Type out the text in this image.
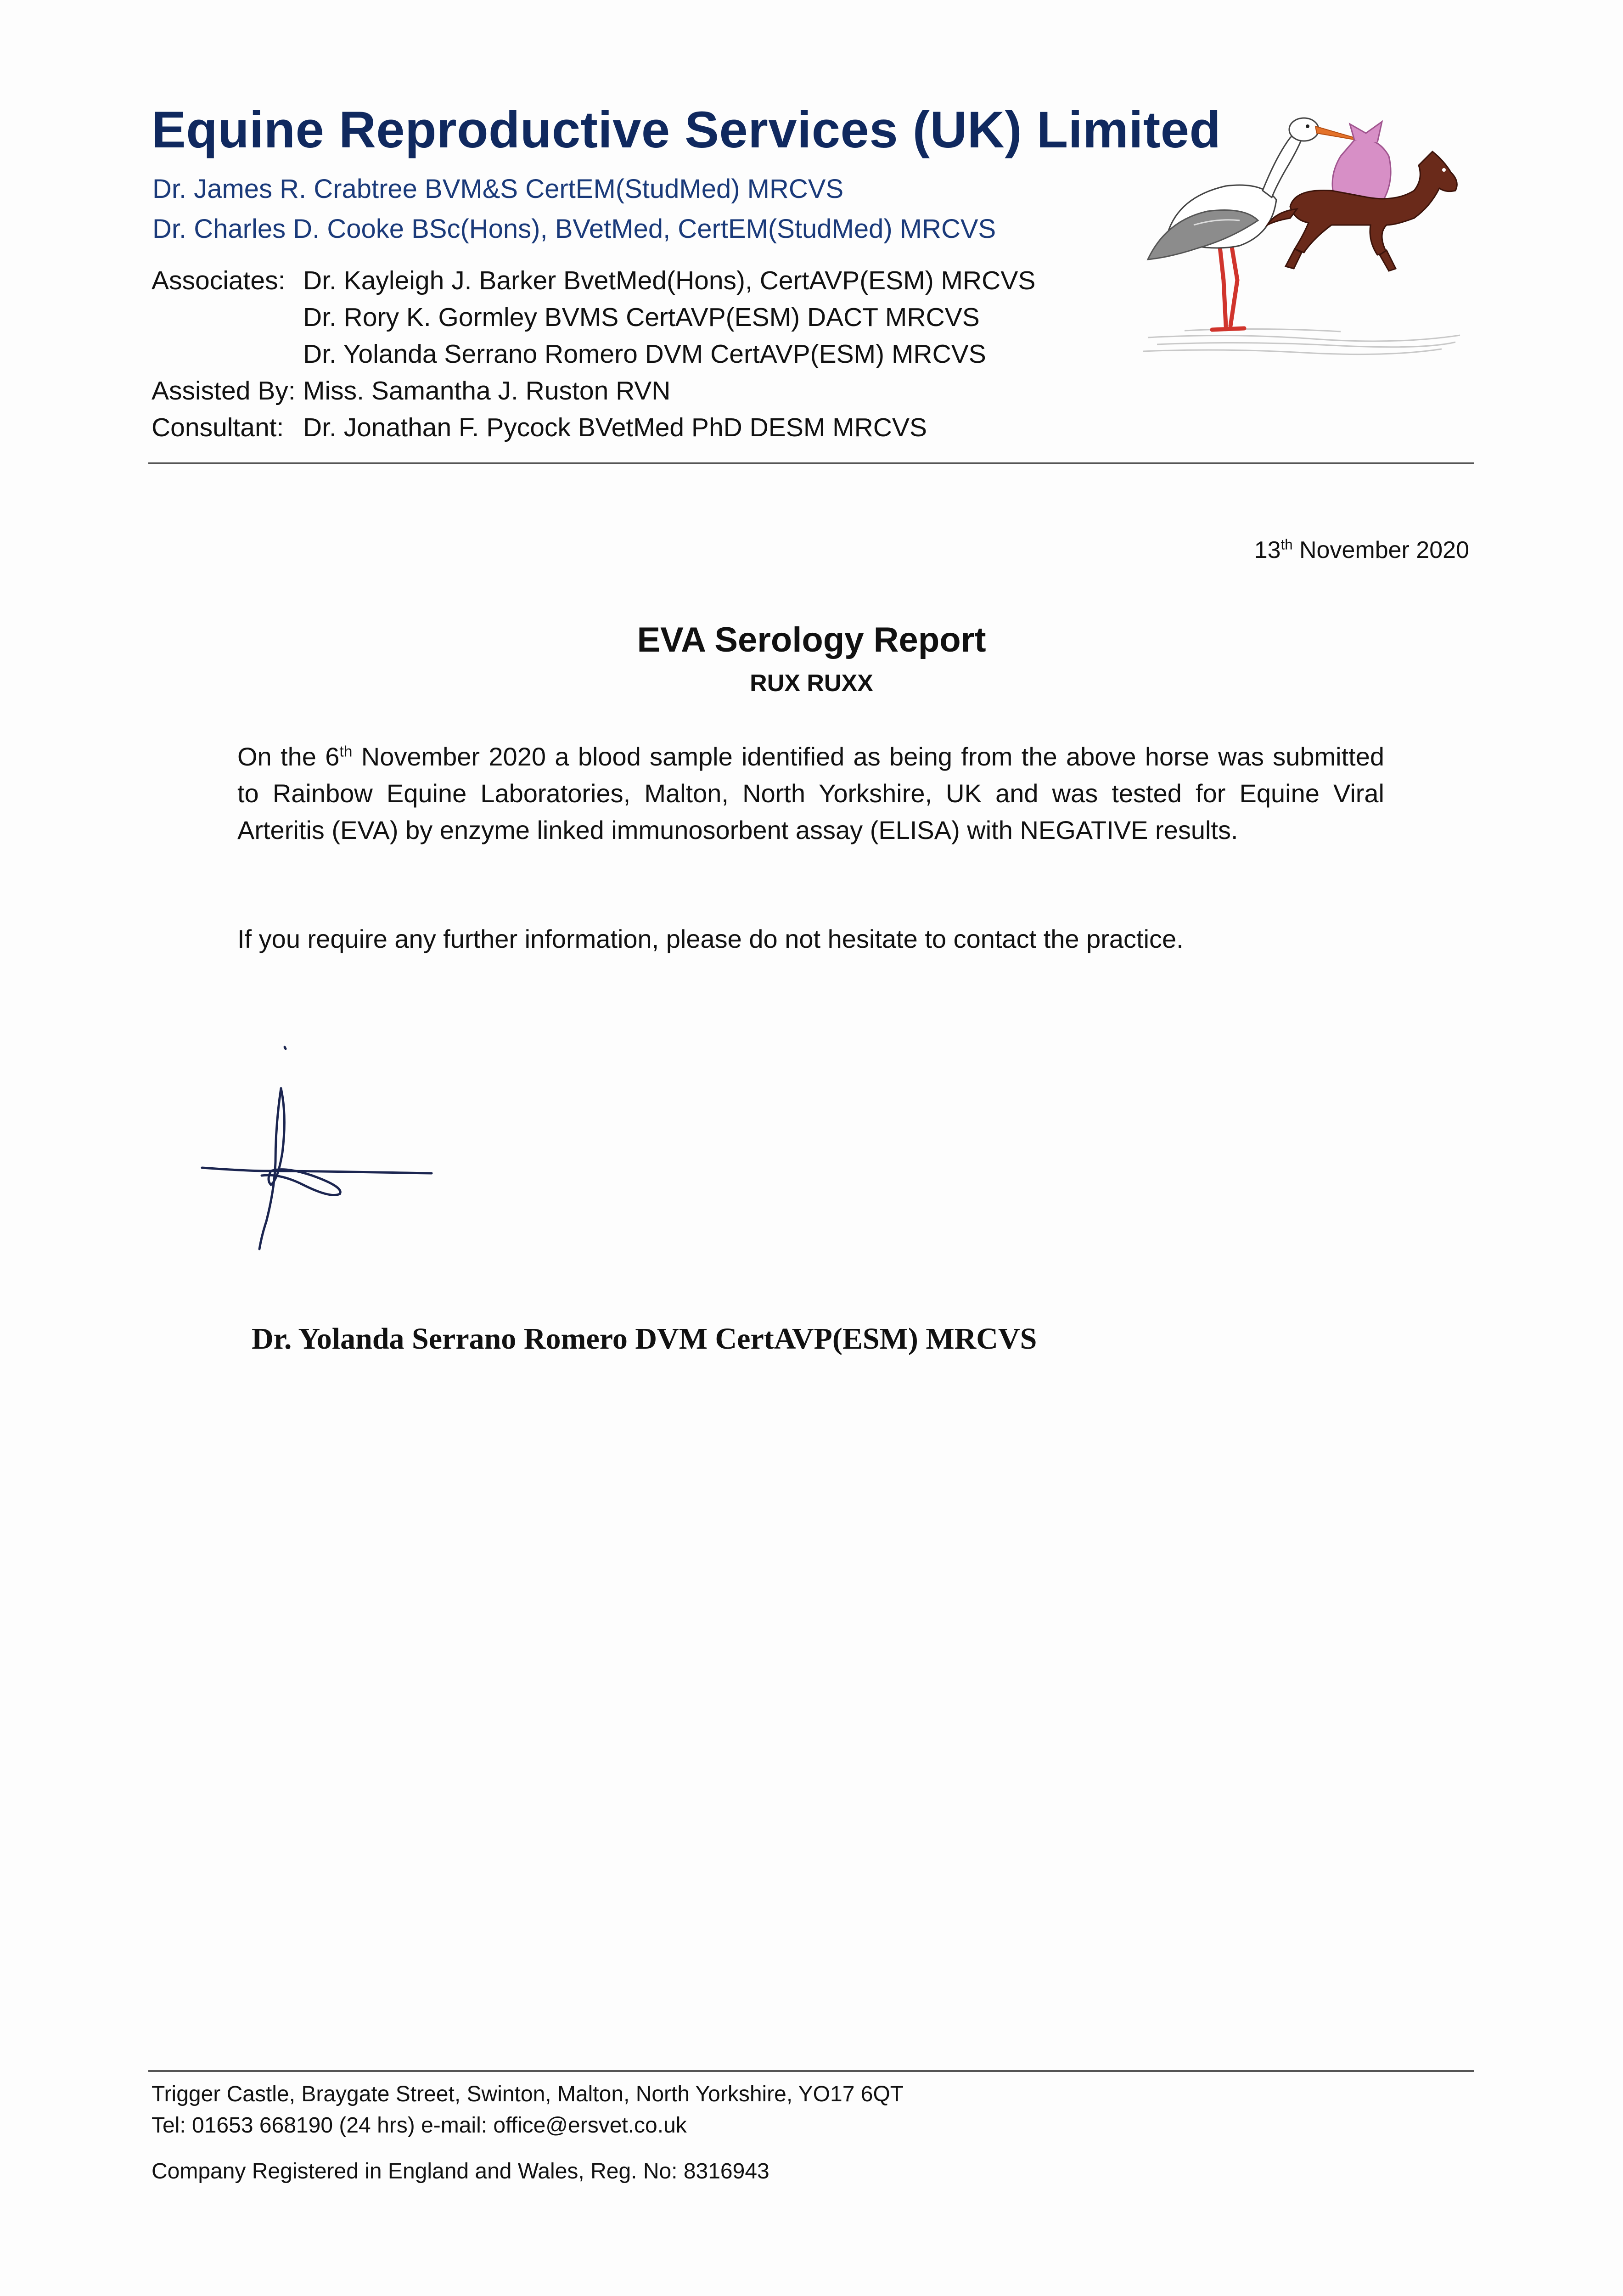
Equine Reproductive Services (UK) Limited
Dr. James R. Crabtree BVM&S CertEM(StudMed) MRCVS
Dr. Charles D. Cooke BSc(Hons), BVetMed, CertEM(StudMed) MRCVS
Associates: Dr. Kayleigh J. Barker BvetMed(Hons), CertAVP(ESM) MRCVS
Dr. Rory K. Gormley BVMS CertAVP(ESM) DACT MRCVS
Dr. Yolanda Serrano Romero DVM CertAVP(ESM) MRCVS
Assisted By: Miss. Samantha J. Ruston RVN
Consultant: Dr. Jonathan F. Pycock BVetMed PhD DESM MRCVS
13th November 2020
EVA Serology Report
RUX RUXX
On the 6th November 2020 a blood sample identified as being from the above horse was submitted to Rainbow Equine Laboratories, Malton, North Yorkshire, UK and was tested for Equine Viral Arteritis (EVA) by enzyme linked immunosorbent assay (ELISA) with NEGATIVE results.
If you require any further information, please do not hesitate to contact the practice.
Dr. Yolanda Serrano Romero DVM CertAVP(ESM) MRCVS
Trigger Castle, Braygate Street, Swinton, Malton, North Yorkshire, YO17 6QT
Tel: 01653 668190 (24 hrs) e-mail: office@ersvet.co.uk
Company Registered in England and Wales, Reg. No: 8316943
